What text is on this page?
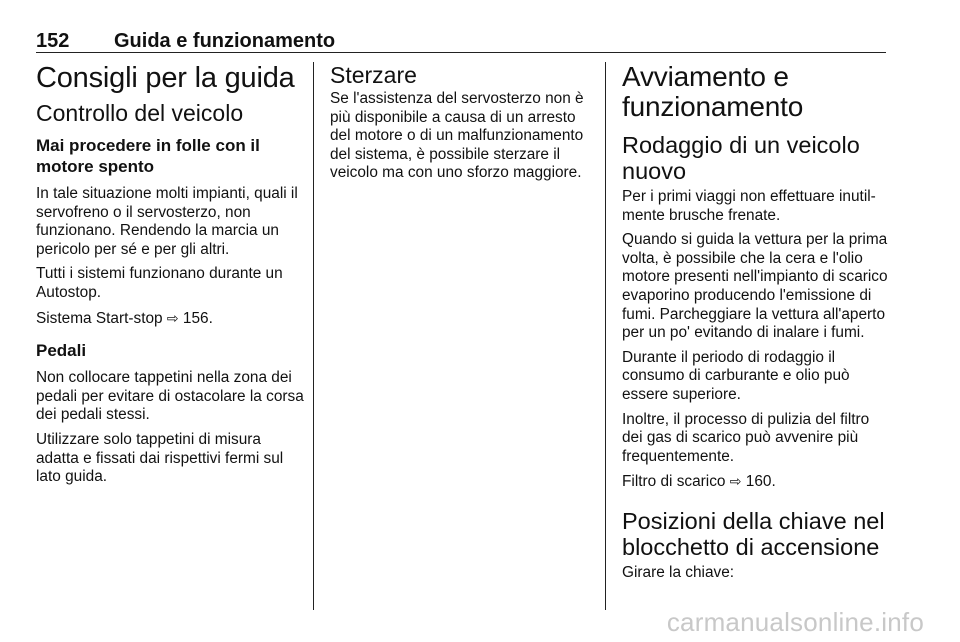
152 Guida e funzionamento
Consigli per la guida
Controllo del veicolo
Mai procedere in folle con il motore spento

In tale situazione molti impianti, quali il servofreno o il servosterzo, non funzionano. Rendendo la marcia un pericolo per sé e per gli altri.

Tutti i sistemi funzionano durante un Autostop.

Sistema Start-stop ⇨ 156.

Pedali

Non collocare tappetini nella zona dei pedali per evitare di ostacolare la corsa dei pedali stessi.

Utilizzare solo tappetini di misura adatta e fissati dai rispettivi fermi sul lato guida.

Sterzare

Se l'assistenza del servosterzo non è più disponibile a causa di un arresto del motore o di un malfunzionamento del sistema, è possibile sterzare il veicolo ma con uno sforzo maggiore.

Avviamento e funzionamento
Rodaggio di un veicolo nuovo

Per i primi viaggi non effettuare inutilmente brusche frenate.

Quando si guida la vettura per la prima volta, è possibile che la cera e l'olio motore presenti nell'impianto di scarico evaporino producendo l'emissione di fumi. Parcheggiare la vettura all'aperto per un po' evitando di inalare i fumi.

Durante il periodo di rodaggio il consumo di carburante e olio può essere superiore.

Inoltre, il processo di pulizia del filtro dei gas di scarico può avvenire più frequentemente.

Filtro di scarico ⇨ 160.

Posizioni della chiave nel blocchetto di accensione

Girare la chiave:

carmanualsonline.info
